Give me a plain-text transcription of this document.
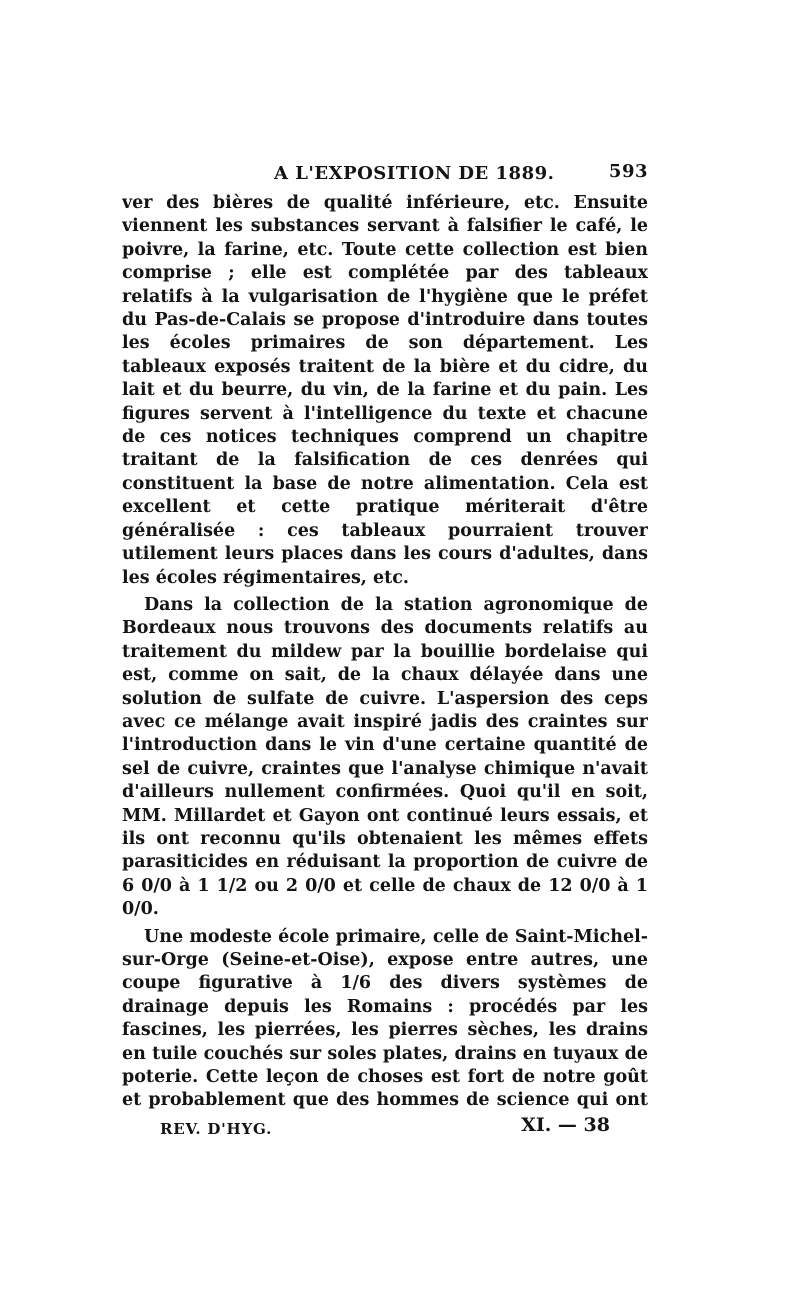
A L'EXPOSITION DE 1889.	593

ver des bières de qualité inférieure, etc. Ensuite viennent les substances servant à falsifier le café, le poivre, la farine, etc. Toute cette collection est bien comprise ; elle est complétée par des tableaux relatifs à la vulgarisation de l'hygiène que le préfet du Pas-de-Calais se propose d'introduire dans toutes les écoles primaires de son département. Les tableaux exposés traitent de la bière et du cidre, du lait et du beurre, du vin, de la farine et du pain. Les figures servent à l'intelligence du texte et chacune de ces notices techniques comprend un chapitre traitant de la falsification de ces denrées qui constituent la base de notre alimentation. Cela est excellent et cette pratique mériterait d'être généralisée : ces tableaux pourraient trouver utilement leurs places dans les cours d'adultes, dans les écoles régimentaires, etc.

Dans la collection de la station agronomique de Bordeaux nous trouvons des documents relatifs au traitement du mildew par la bouillie bordelaise qui est, comme on sait, de la chaux délayée dans une solution de sulfate de cuivre. L'aspersion des ceps avec ce mélange avait inspiré jadis des craintes sur l'introduction dans le vin d'une certaine quantité de sel de cuivre, craintes que l'analyse chimique n'avait d'ailleurs nullement confirmées. Quoi qu'il en soit, MM. Millardet et Gayon ont continué leurs essais, et ils ont reconnu qu'ils obtenaient les mêmes effets parasiticides en réduisant la proportion de cuivre de 6 0/0 à 1 1/2 ou 2 0/0 et celle de chaux de 12 0/0 à 1 0/0.

Une modeste école primaire, celle de Saint-Michel-sur-Orge (Seine-et-Oise), expose entre autres, une coupe figurative à 1/6 des divers systèmes de drainage depuis les Romains : procédés par les fascines, les pierrées, les pierres sèches, les drains en tuile couchés sur soles plates, drains en tuyaux de poterie. Cette leçon de choses est fort de notre goût et probablement que des hommes de science qui ont

REV. D'HYG.	XI. — 38
